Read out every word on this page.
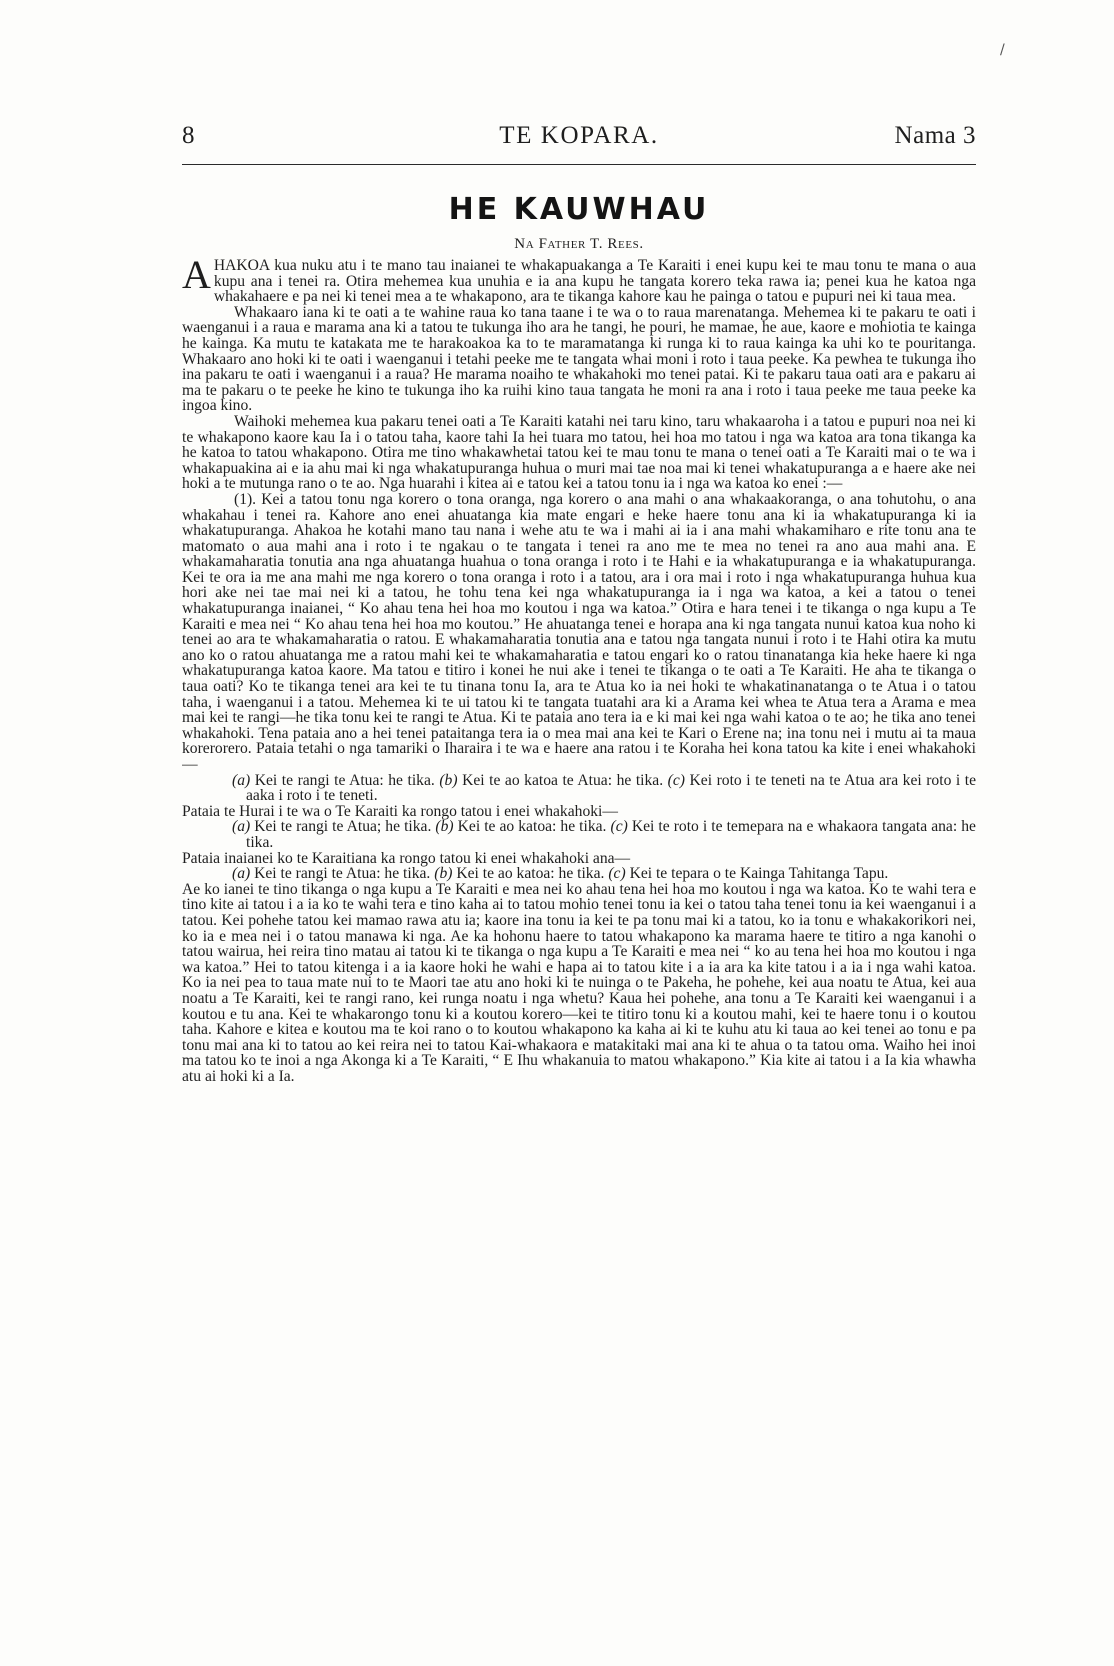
/
8	TE KOPARA.	Nama 3
HE KAUWHAU
Na Father T. Rees.

AHAKOA kua nuku atu i te mano tau inaianei te whakapuakanga a Te Karaiti i enei kupu kei te mau tonu te mana o aua kupu ana i tenei ra. Otira mehemea kua unuhia e ia ana kupu he tangata korero teka rawa ia; penei kua he katoa nga whakahaere e pa nei ki tenei mea a te whakapono, ara te tikanga kahore kau he painga o tatou e pupuri nei ki taua mea.

Whakaaro iana ki te oati a te wahine raua ko tana taane i te wa o to raua marenatanga. Mehemea ki te pakaru te oati i waenganui i a raua e marama ana ki a tatou te tukunga iho ara he tangi, he pouri, he mamae, he aue, kaore e mohiotia te kainga he kainga. Ka mutu te katakata me te harakoakoa ka to te maramatanga ki runga ki to raua kainga ka uhi ko te pouritanga. Whakaaro ano hoki ki te oati i waenganui i tetahi peeke me te tangata whai moni i roto i taua peeke. Ka pewhea te tukunga iho ina pakaru te oati i waenganui i a raua? He marama noaiho te whakahoki mo tenei patai. Ki te pakaru taua oati ara e pakaru ai ma te pakaru o te peeke he kino te tukunga iho ka ruihi kino taua tangata he moni ra ana i roto i taua peeke me taua peeke ka ingoa kino.

Waihoki mehemea kua pakaru tenei oati a Te Karaiti katahi nei taru kino, taru whakaaroha i a tatou e pupuri noa nei ki te whakapono kaore kau Ia i o tatou taha, kaore tahi Ia hei tuara mo tatou, hei hoa mo tatou i nga wa katoa ara tona tikanga ka he katoa to tatou whakapono. Otira me tino whakawhetai tatou kei te mau tonu te mana o tenei oati a Te Karaiti mai o te wa i whakapuakina ai e ia ahu mai ki nga whakatupuranga huhua o muri mai tae noa mai ki tenei whakatupuranga a e haere ake nei hoki a te mutunga rano o te ao. Nga huarahi i kitea ai e tatou kei a tatou tonu ia i nga wa katoa ko enei :—

(1). Kei a tatou tonu nga korero o tona oranga, nga korero o ana mahi o ana whakaakoranga, o ana tohutohu, o ana whakahau i tenei ra. Kahore ano enei ahuatanga kia mate engari e heke haere tonu ana ki ia whakatupuranga ki ia whakatupuranga. Ahakoa he kotahi mano tau nana i wehe atu te wa i mahi ai ia i ana mahi whakamiharo e rite tonu ana te matomato o aua mahi ana i roto i te ngakau o te tangata i tenei ra ano me te mea no tenei ra ano aua mahi ana. E whakamaharatia tonutia ana nga ahuatanga huahua o tona oranga i roto i te Hahi e ia whakatupuranga e ia whakatupuranga. Kei te ora ia me ana mahi me nga korero o tona oranga i roto i a tatou, ara i ora mai i roto i nga whakatupuranga huhua kua hori ake nei tae mai nei ki a tatou, he tohu tena kei nga whakatupuranga ia i nga wa katoa, a kei a tatou o tenei whakatupuranga inaianei, “ Ko ahau tena hei hoa mo koutou i nga wa katoa.” Otira e hara tenei i te tikanga o nga kupu a Te Karaiti e mea nei “ Ko ahau tena hei hoa mo koutou.” He ahuatanga tenei e horapa ana ki nga tangata nunui katoa kua noho ki tenei ao ara te whakamaharatia o ratou. E whakamaharatia tonutia ana e tatou nga tangata nunui i roto i te Hahi otira ka mutu ano ko o ratou ahuatanga me a ratou mahi kei te whakamaharatia e tatou engari ko o ratou tinanatanga kia heke haere ki nga whakatupuranga katoa kaore. Ma tatou e titiro i konei he nui ake i tenei te tikanga o te oati a Te Karaiti. He aha te tikanga o taua oati? Ko te tikanga tenei ara kei te tu tinana tonu Ia, ara te Atua ko ia nei hoki te whakatinanatanga o te Atua i o tatou taha, i waenganui i a tatou. Mehemea ki te ui tatou ki te tangata tuatahi ara ki a Arama kei whea te Atua tera a Arama e mea mai kei te rangi—he tika tonu kei te rangi te Atua. Ki te pataia ano tera ia e ki mai kei nga wahi katoa o te ao; he tika ano tenei whakahoki. Tena pataia ano a hei tenei pataitanga tera ia o mea mai ana kei te Kari o Erene na; ina tonu nei i mutu ai ta maua korerorero. Pataia tetahi o nga tamariki o Iharaira i te wa e haere ana ratou i te Koraha hei kona tatou ka kite i enei whakahoki—

(a) Kei te rangi te Atua: he tika. (b) Kei te ao katoa te Atua: he tika. (c) Kei roto i te teneti na te Atua ara kei roto i te aaka i roto i te teneti.

Pataia te Hurai i te wa o Te Karaiti ka rongo tatou i enei whakahoki—

(a) Kei te rangi te Atua; he tika. (b) Kei te ao katoa: he tika. (c) Kei te roto i te temepara na e whakaora tangata ana: he tika.

Pataia inaianei ko te Karaitiana ka rongo tatou ki enei whakahoki ana—

(a) Kei te rangi te Atua: he tika. (b) Kei te ao katoa: he tika. (c) Kei te tepara o te Kainga Tahitanga Tapu.

Ae ko ianei te tino tikanga o nga kupu a Te Karaiti e mea nei ko ahau tena hei hoa mo koutou i nga wa katoa. Ko te wahi tera e tino kite ai tatou i a ia ko te wahi tera e tino kaha ai to tatou mohio tenei tonu ia kei o tatou taha tenei tonu ia kei waenganui i a tatou. Kei pohehe tatou kei mamao rawa atu ia; kaore ina tonu ia kei te pa tonu mai ki a tatou, ko ia tonu e whakakorikori nei, ko ia e mea nei i o tatou manawa ki nga. Ae ka hohonu haere to tatou whakapono ka marama haere te titiro a nga kanohi o tatou wairua, hei reira tino matau ai tatou ki te tikanga o nga kupu a Te Karaiti e mea nei “ ko au tena hei hoa mo koutou i nga wa katoa.” Hei to tatou kitenga i a ia kaore hoki he wahi e hapa ai to tatou kite i a ia ara ka kite tatou i a ia i nga wahi katoa. Ko ia nei pea to taua mate nui to te Maori tae atu ano hoki ki te nuinga o te Pakeha, he pohehe, kei aua noatu te Atua, kei aua noatu a Te Karaiti, kei te rangi rano, kei runga noatu i nga whetu? Kaua hei pohehe, ana tonu a Te Karaiti kei waenganui i a koutou e tu ana. Kei te whakarongo tonu ki a koutou korero—kei te titiro tonu ki a koutou mahi, kei te haere tonu i o koutou taha. Kahore e kitea e koutou ma te koi rano o to koutou whakapono ka kaha ai ki te kuhu atu ki taua ao kei tenei ao tonu e pa tonu mai ana ki to tatou ao kei reira nei to tatou Kai-whakaora e matakitaki mai ana ki te ahua o ta tatou oma. Waiho hei inoi ma tatou ko te inoi a nga Akonga ki a Te Karaiti, “ E Ihu whakanuia to matou whakapono.” Kia kite ai tatou i a Ia kia whawha atu ai hoki ki a Ia.
